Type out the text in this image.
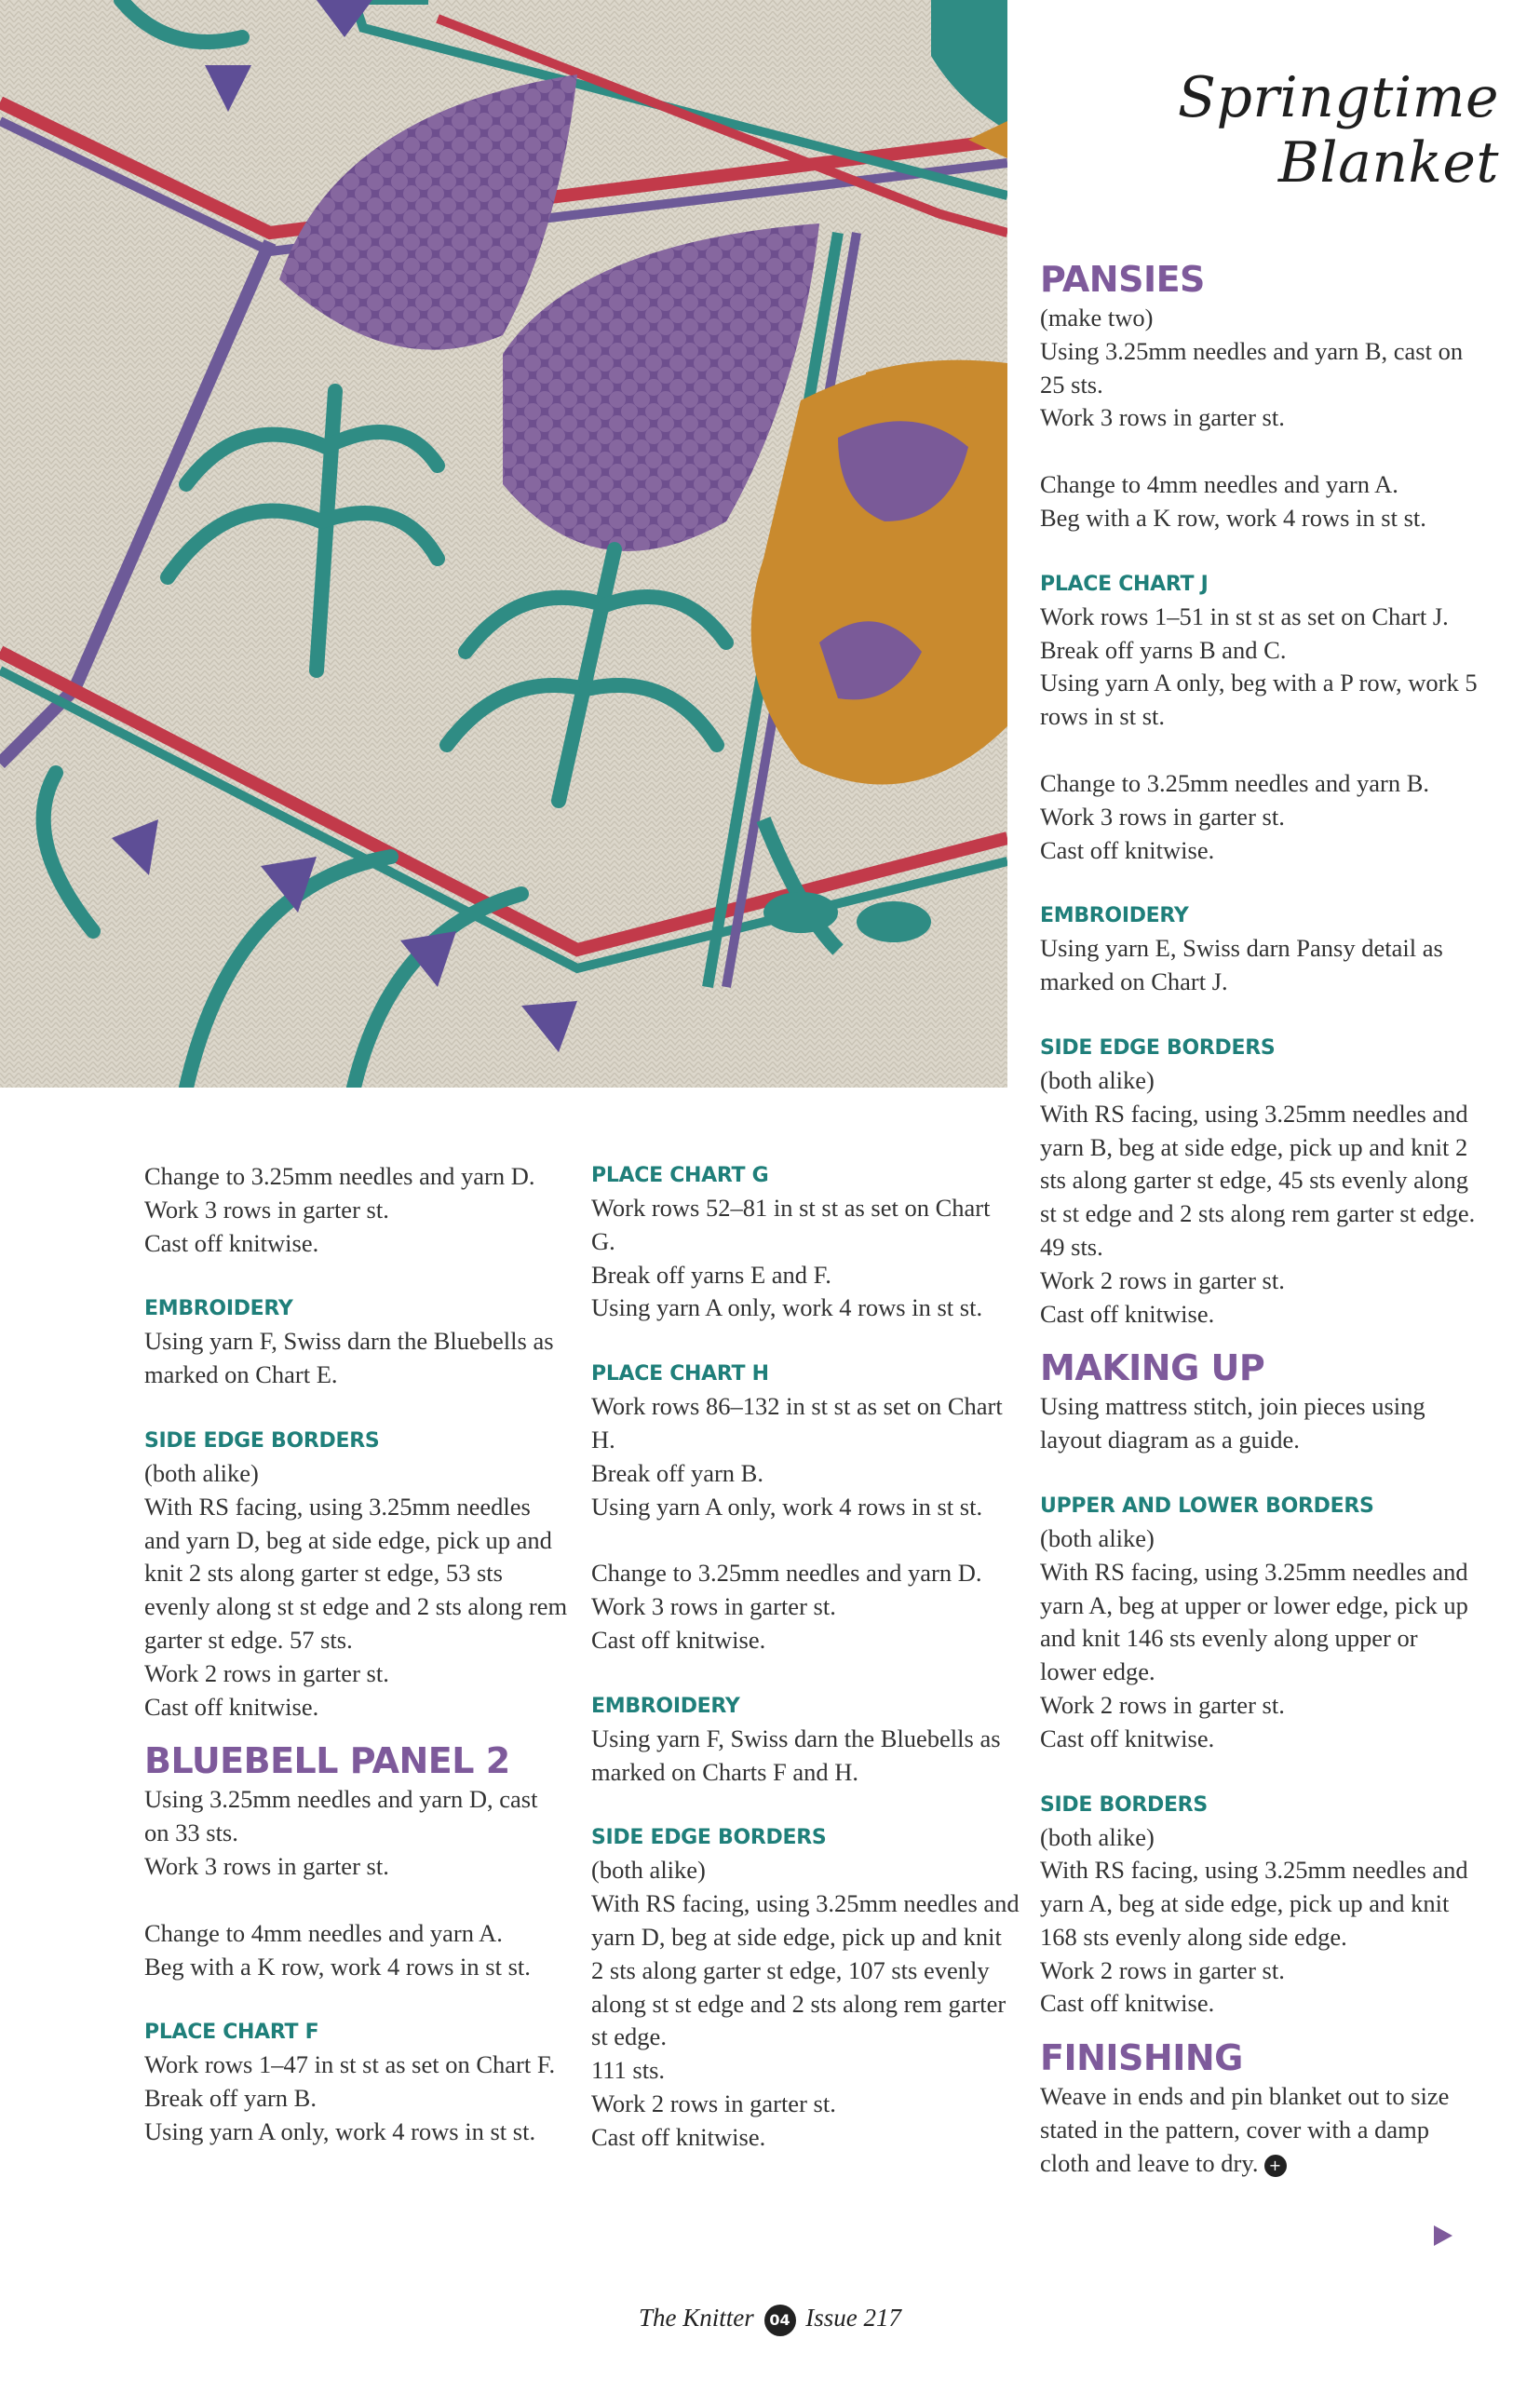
Springtime Blanket

Change to 3.25mm needles and yarn D.
Work 3 rows in garter st.
Cast off knitwise.

EMBROIDERY

Using yarn F, Swiss darn the Bluebells as marked on Chart E.

SIDE EDGE BORDERS

(both alike)
With RS facing, using 3.25mm needles and yarn D, beg at side edge, pick up and knit 2 sts along garter st edge, 53 sts evenly along st st edge and 2 sts along rem garter st edge. 57 sts.
Work 2 rows in garter st.
Cast off knitwise.

BLUEBELL PANEL 2

Using 3.25mm needles and yarn D, cast on 33 sts.
Work 3 rows in garter st.

Change to 4mm needles and yarn A.
Beg with a K row, work 4 rows in st st.

PLACE CHART F

Work rows 1–47 in st st as set on Chart F.
Break off yarn B.
Using yarn A only, work 4 rows in st st.

PLACE CHART G

Work rows 52–81 in st st as set on Chart G.
Break off yarns E and F.
Using yarn A only, work 4 rows in st st.

PLACE CHART H

Work rows 86–132 in st st as set on Chart H.
Break off yarn B.
Using yarn A only, work 4 rows in st st.

Change to 3.25mm needles and yarn D.
Work 3 rows in garter st.
Cast off knitwise.

EMBROIDERY

Using yarn F, Swiss darn the Bluebells as marked on Charts F and H.

SIDE EDGE BORDERS

(both alike)
With RS facing, using 3.25mm needles and yarn D, beg at side edge, pick up and knit 2 sts along garter st edge, 107 sts evenly along st st edge and 2 sts along rem garter st edge.
111 sts.
Work 2 rows in garter st.
Cast off knitwise.

PANSIES

(make two)
Using 3.25mm needles and yarn B, cast on 25 sts.
Work 3 rows in garter st.

Change to 4mm needles and yarn A.
Beg with a K row, work 4 rows in st st.

PLACE CHART J

Work rows 1–51 in st st as set on Chart J.
Break off yarns B and C.
Using yarn A only, beg with a P row, work 5 rows in st st.

Change to 3.25mm needles and yarn B.
Work 3 rows in garter st.
Cast off knitwise.

EMBROIDERY

Using yarn E, Swiss darn Pansy detail as marked on Chart J.

SIDE EDGE BORDERS

(both alike)
With RS facing, using 3.25mm needles and yarn B, beg at side edge, pick up and knit 2 sts along garter st edge, 45 sts evenly along st st edge and 2 sts along rem garter st edge. 49 sts.
Work 2 rows in garter st.
Cast off knitwise.

MAKING UP

Using mattress stitch, join pieces using layout diagram as a guide.

UPPER AND LOWER BORDERS

(both alike)
With RS facing, using 3.25mm needles and yarn A, beg at upper or lower edge, pick up and knit 146 sts evenly along upper or lower edge.
Work 2 rows in garter st.
Cast off knitwise.

SIDE BORDERS

(both alike)
With RS facing, using 3.25mm needles and yarn A, beg at side edge, pick up and knit 168 sts evenly along side edge.
Work 2 rows in garter st.
Cast off knitwise.

FINISHING

Weave in ends and pin blanket out to size stated in the pattern, cover with a damp cloth and leave to dry. +

The Knitter 04 Issue 217
